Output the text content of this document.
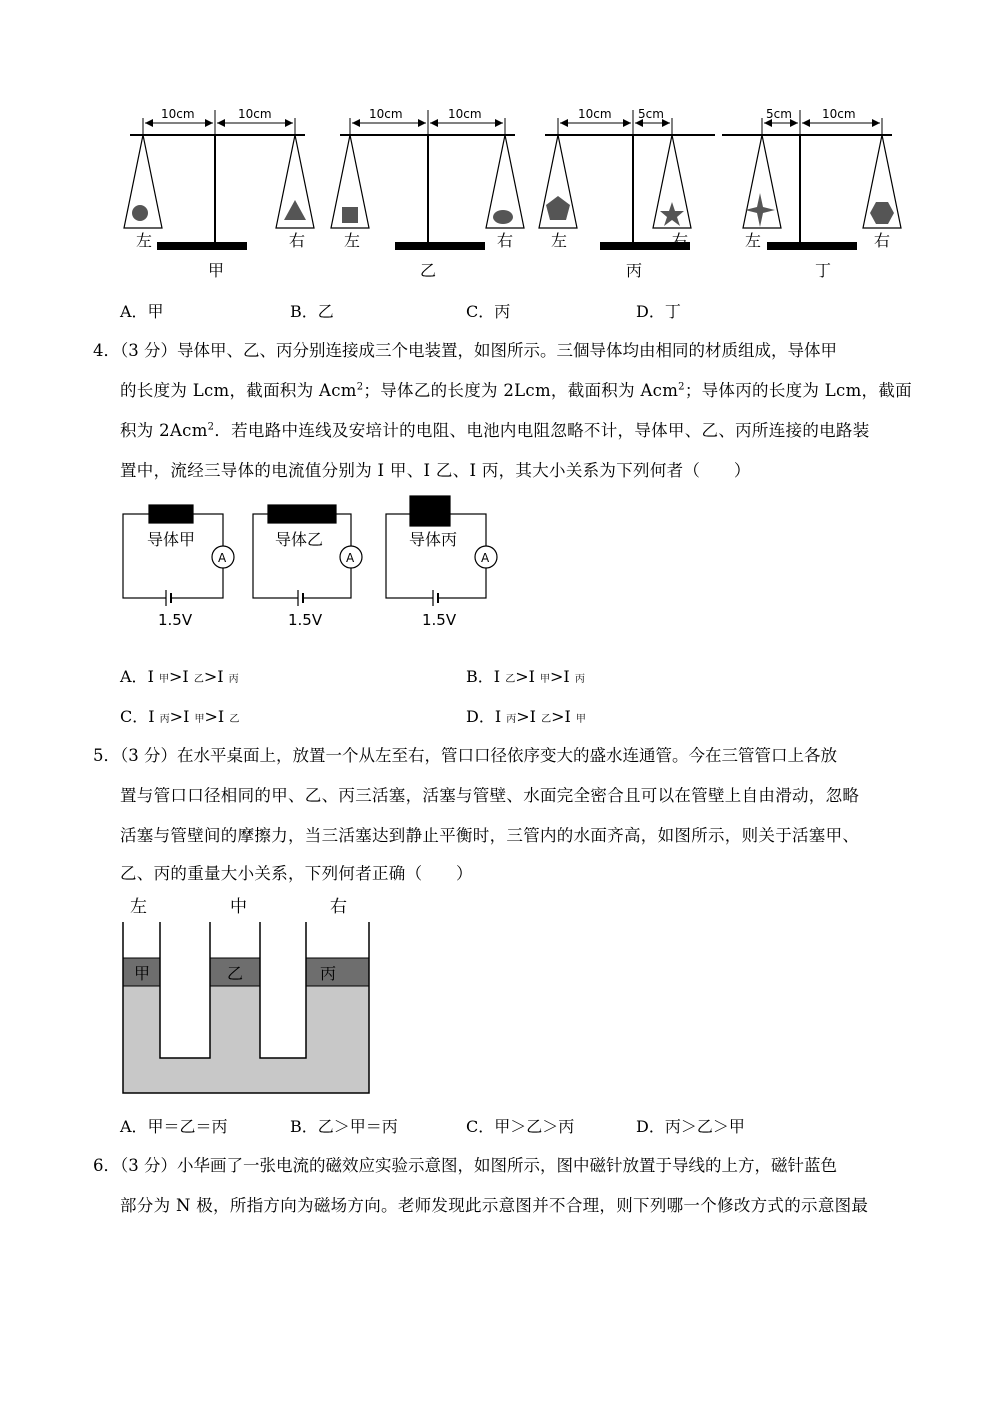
10cm	10cm
左	右
甲
10cm	10cm
左	右
乙
10cm 5cm
左	右
丙
5cm	10cm
左	右
丁
A．甲	B．乙	C．丙	D．丁
4．（3 分）导体甲、乙、丙分别连接成三个电装置，如图所示。三個导体均由相同的材质组成，导体甲
的长度为 Lcm，截面积为 Acm$^2$；导体乙的长度为 2Lcm，截面积为 Acm$^2$；导体丙的长度为 Lcm，截面
积为 2Acm$^2$．若电路中连线及安培计的电阻、电池内电阻忽略不计，导体甲、乙、丙所连接的电路装
置中，流经三导体的电流值分别为 I 甲、I 乙、I 丙，其大小关系为下列何者（　　）
导体甲
A
1.5V
导体乙
A
1.5V
导体丙
A
1.5V
A．I 甲>I 乙>I 丙	B．I 乙>I 甲>I 丙
C．I 丙>I 甲>I 乙	D．I 丙>I 乙>I 甲
5．（3 分）在水平桌面上，放置一个从左至右，管口口径依序变大的盛水连通管。今在三管管口上各放
置与管口口径相同的甲、乙、丙三活塞，活塞与管壁、水面完全密合且可以在管壁上自由滑动，忽略
活塞与管壁间的摩擦力，当三活塞达到静止平衡时，三管内的水面齐高，如图所示，则关于活塞甲、
乙、丙的重量大小关系，下列何者正确（　　）
左	中	右
甲	乙	丙
A．甲＝乙＝丙	B．乙＞甲＝丙	C．甲＞乙＞丙	D．丙＞乙＞甲
6．（3 分）小华画了一张电流的磁效应实验示意图，如图所示，图中磁针放置于导线的上方，磁针蓝色
部分为 N 极，所指方向为磁场方向。老师发现此示意图并不合理，则下列哪一个修改方式的示意图最
